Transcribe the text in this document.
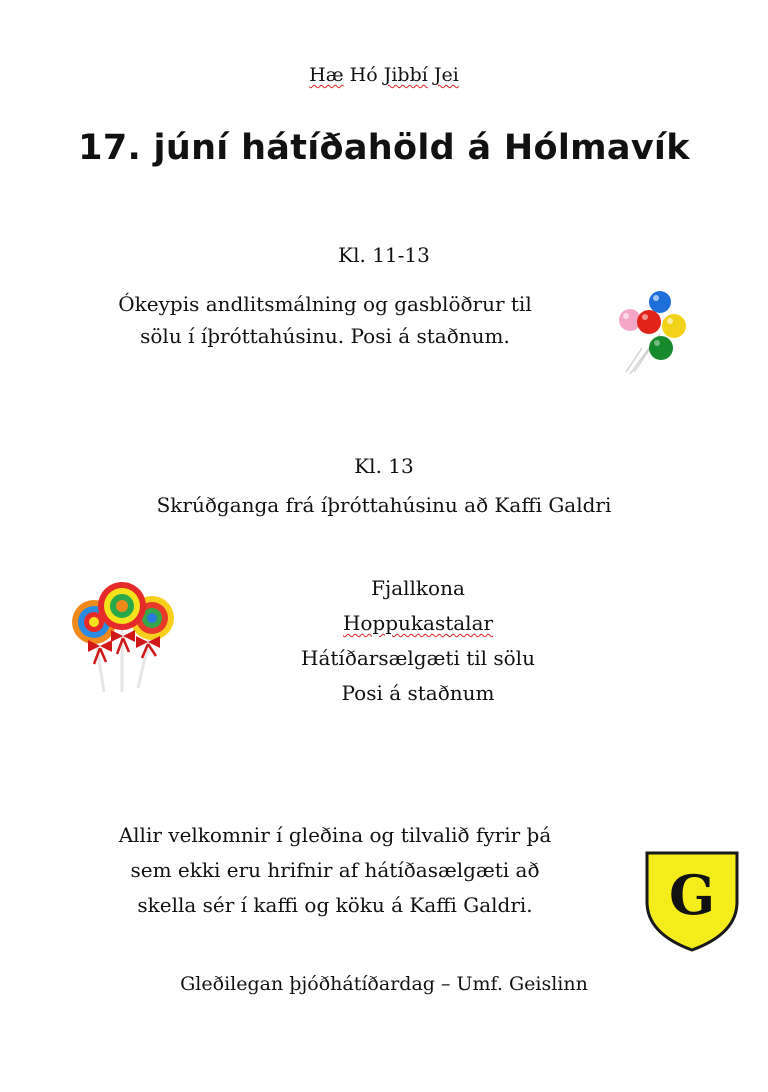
Hæ Hó Jibbí Jei
17. júní hátíðahöld á Hólmavík
Kl. 11-13
Ókeypis andlitsmálning og gasblöðrur til
sölu í íþróttahúsinu. Posi á staðnum.
Kl. 13
Skrúðganga frá íþróttahúsinu að Kaffi Galdri
Fjallkona
Hoppukastalar
Hátíðarsælgæti til sölu
Posi á staðnum
Allir velkomnir í gleðina og tilvalið fyrir þá
sem ekki eru hrifnir af hátíðasælgæti að
skella sér í kaffi og köku á Kaffi Galdri.	G
Gleðilegan þjóðhátíðardag – Umf. Geislinn
